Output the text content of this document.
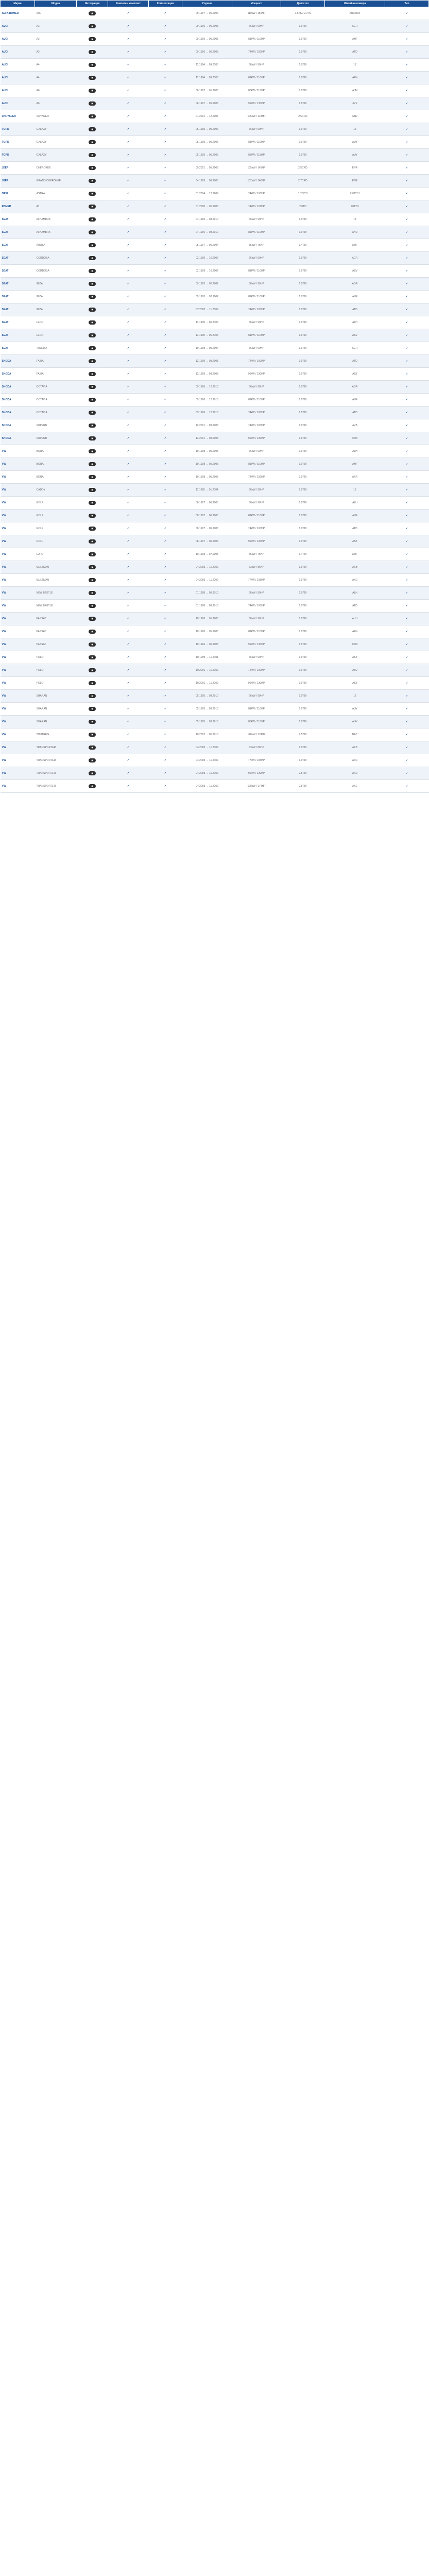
Марка	Модел	Интеграция	Ремонтен комплект	Хомологация	Години	Мощност	Двигател	Шасийни номера	Тип
ALFA ROMEO	156	◼	✓	✓	09.1997 → 06.2006	110kW / 150HP	1.6TS / 2.0TS	AR32104	✓
AUDI	A3	◼	✓	✓	09.1996 → 06.2003	66kW / 90HP	1.9TDI	AGR	✓
AUDI	A3	◼	✓	✓	09.1996 → 06.2003	81kW / 110HP	1.9TDI	AHF	✓
AUDI	A3	◼	✓	✓	09.1996 → 06.2003	74kW / 100HP	1.9TDI	ATD	✓
AUDI	A4	◼	✓	✓	11.1994 → 09.2000	66kW / 90HP	1.9TDI	1Z	✓
AUDI	A4	◼	✓	✓	11.1994 → 09.2000	81kW / 110HP	1.9TDI	AFN	✓
AUDI	A6	◼	✓	✓	06.1997 → 01.2005	85kW / 115HP	1.9TDI	AJM	✓
AUDI	A6	◼	✓	✓	06.1997 → 01.2005	96kW / 130HP	1.9TDI	AVF	✓
CHRYSLER	VOYAGER	◼	✓	✓	01.2001 → 12.2007	105kW / 143HP	2.5CRD	ENJ	✓
FORD	GALAXY	◼	✓	✓	05.1995 → 05.2006	66kW / 90HP	1.9TDI	1Z	✓
FORD	GALAXY	◼	✓	✓	05.1995 → 05.2006	81kW / 110HP	1.9TDI	AUY	✓
FORD	GALAXY	◼	✓	✓	05.1995 → 05.2006	85kW / 115HP	1.9TDI	AUY	✓
JEEP	CHEROKEE	◼	✓	✓	09.2001 → 05.2008	105kW / 143HP	2.5CRD	ENR	✓
JEEP	GRAND CHEROKEE	◼	✓	✓	04.1999 → 09.2005	102kW / 140HP	2.7CRD	ENE	✓
OPEL	ASTRA	◼	✓	✓	01.2004 → 12.2009	74kW / 100HP	1.7CDTI	Z17DTH	✓
ROVER	45	◼	✓	✓	01.2000 → 05.2005	74kW / 101HP	2.0TD	20T2N	✓
SEAT	ALHAMBRA	◼	✓	✓	04.1996 → 03.2010	66kW / 90HP	1.9TDI	1Z	✓
SEAT	ALHAMBRA	◼	✓	✓	04.1996 → 03.2010	81kW / 110HP	1.9TDI	AHU	✓
SEAT	AROSA	◼	✓	✓	05.1997 → 06.2004	55kW / 75HP	1.4TDI	AMF	✓
SEAT	CORDOBA	◼	✓	✓	02.1999 → 10.2002	66kW / 90HP	1.9TDI	AGR	✓
SEAT	CORDOBA	◼	✓	✓	02.1999 → 10.2002	81kW / 110HP	1.9TDI	ASV	✓
SEAT	IBIZA	◼	✓	✓	09.1993 → 02.2002	66kW / 90HP	1.9TDI	AGR	✓
SEAT	IBIZA	◼	✓	✓	09.1993 → 02.2002	81kW / 110HP	1.9TDI	AHF	✓
SEAT	IBIZA	◼	✓	✓	02.2002 → 11.2009	74kW / 100HP	1.9TDI	ATD	✓
SEAT	LEON	◼	✓	✓	11.1999 → 06.2006	66kW / 90HP	1.9TDI	ALH	✓
SEAT	LEON	◼	✓	✓	11.1999 → 06.2006	81kW / 110HP	1.9TDI	ASV	✓
SEAT	TOLEDO	◼	✓	✓	10.1998 → 05.2004	66kW / 90HP	1.9TDI	AGR	✓
SKODA	FABIA	◼	✓	✓	12.1999 → 03.2008	74kW / 100HP	1.9TDI	ATD	✓
SKODA	FABIA	◼	✓	✓	12.1999 → 03.2008	96kW / 130HP	1.9TDI	ASZ	✓
SKODA	OCTAVIA	◼	✓	✓	09.1996 → 12.2010	66kW / 90HP	1.9TDI	AGR	✓
SKODA	OCTAVIA	◼	✓	✓	09.1996 → 12.2010	81kW / 110HP	1.9TDI	AHF	✓
SKODA	OCTAVIA	◼	✓	✓	09.1996 → 12.2010	74kW / 100HP	1.9TDI	ATD	✓
SKODA	SUPERB	◼	✓	✓	12.2001 → 03.2008	74kW / 100HP	1.9TDI	AVB	✓
SKODA	SUPERB	◼	✓	✓	12.2001 → 03.2008	96kW / 130HP	1.9TDI	AWX	✓
VW	BORA	◼	✓	✓	10.1998 → 05.2005	66kW / 90HP	1.9TDI	ALH	✓
VW	BORA	◼	✓	✓	10.1998 → 05.2005	81kW / 110HP	1.9TDI	AHF	✓
VW	BORA	◼	✓	✓	10.1998 → 05.2005	74kW / 100HP	1.9TDI	AXR	✓
VW	CADDY	◼	✓	✓	11.1995 → 01.2004	66kW / 90HP	1.9TDI	1Z	✓
VW	GOLF	◼	✓	✓	08.1997 → 06.2005	66kW / 90HP	1.9TDI	ALH	✓
VW	GOLF	◼	✓	✓	08.1997 → 06.2005	81kW / 110HP	1.9TDI	AHF	✓
VW	GOLF	◼	✓	✓	08.1997 → 06.2005	74kW / 100HP	1.9TDI	ATD	✓
VW	GOLF	◼	✓	✓	08.1997 → 06.2005	96kW / 130HP	1.9TDI	ASZ	✓
VW	LUPO	◼	✓	✓	10.1998 → 07.2005	55kW / 75HP	1.4TDI	AMF	✓
VW	MULTIVAN	◼	✓	✓	04.2003 → 11.2009	63kW / 86HP	1.9TDI	AXB	✓
VW	MULTIVAN	◼	✓	✓	04.2003 → 11.2009	77kW / 105HP	1.9TDI	AXC	✓
VW	NEW BEETLE	◼	✓	✓	01.1998 → 09.2010	66kW / 90HP	1.9TDI	ALH	✓
VW	NEW BEETLE	◼	✓	✓	01.1998 → 09.2010	74kW / 100HP	1.9TDI	ATD	✓
VW	PASSAT	◼	✓	✓	10.1996 → 05.2005	66kW / 90HP	1.9TDI	AHH	✓
VW	PASSAT	◼	✓	✓	10.1996 → 05.2005	81kW / 110HP	1.9TDI	AFN	✓
VW	PASSAT	◼	✓	✓	10.1996 → 05.2005	96kW / 130HP	1.9TDI	AWX	✓
VW	POLO	◼	✓	✓	10.1999 → 11.2001	66kW / 90HP	1.9TDI	ASY	✓
VW	POLO	◼	✓	✓	10.2001 → 11.2009	74kW / 100HP	1.9TDI	ATD	✓
VW	POLO	◼	✓	✓	10.2001 → 11.2009	96kW / 130HP	1.9TDI	ASZ	✓
VW	SHARAN	◼	✓	✓	05.1995 → 03.2010	66kW / 90HP	1.9TDI	1Z	✓
VW	SHARAN	◼	✓	✓	05.1995 → 03.2010	81kW / 110HP	1.9TDI	AUY	✓
VW	SHARAN	◼	✓	✓	05.1995 → 03.2010	85kW / 115HP	1.9TDI	AUY	✓
VW	TOUAREG	◼	✓	✓	10.2002 → 05.2010	128kW / 174HP	2.5TDI	BAC	✓
VW	TRANSPORTER	◼	✓	✓	04.2003 → 11.2009	63kW / 86HP	1.9TDI	AXB	✓
VW	TRANSPORTER	◼	✓	✓	04.2003 → 11.2009	77kW / 105HP	1.9TDI	AXC	✓
VW	TRANSPORTER	◼	✓	✓	04.2003 → 11.2009	96kW / 130HP	2.5TDI	AXD	✓
VW	TRANSPORTER	◼	✓	✓	04.2003 → 11.2009	128kW / 174HP	2.5TDI	AXE	✓
